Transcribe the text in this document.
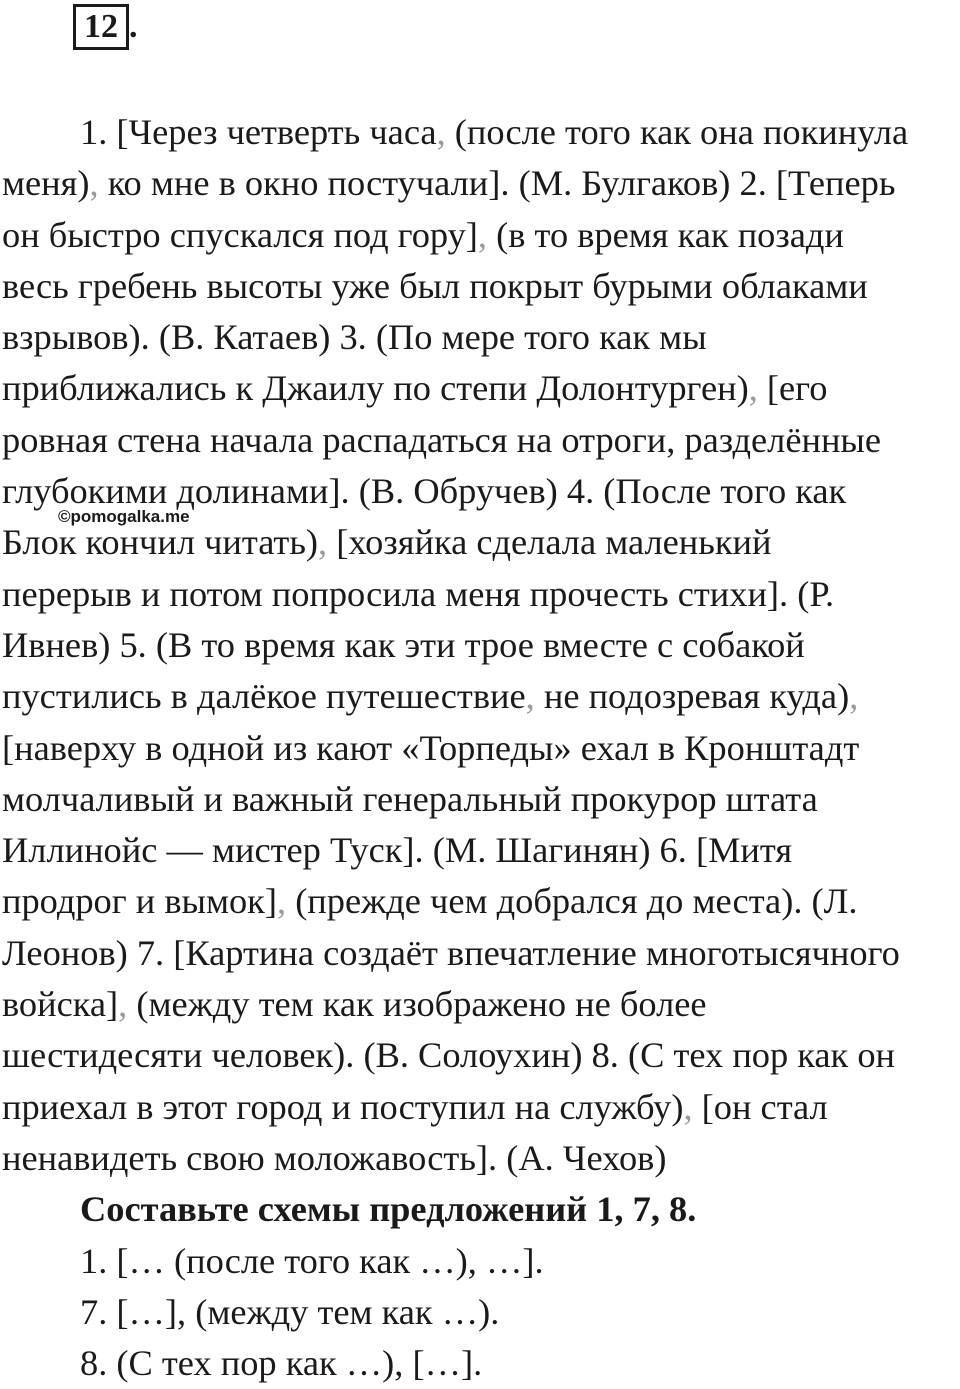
12 .
©pomogalka.me
1. [Через четверть часа, (после того как она покинула
меня), ко мне в окно постучали]. (М. Булгаков) 2. [Теперь
он быстро спускался под гору], (в то время как позади
весь гребень высоты уже был покрыт бурыми облаками
взрывов). (В. Катаев) 3. (По мере того как мы
приближались к Джаилу по степи Долонтурген), [его
ровная стена начала распадаться на отроги, разделённые
глубокими долинами]. (В. Обручев) 4. (После того как
Блок кончил читать), [хозяйка сделала маленький
перерыв и потом попросила меня прочесть стихи]. (Р.
Ивнев) 5. (В то время как эти трое вместе с собакой
пустились в далёкое путешествие, не подозревая куда),
[наверху в одной из кают «Торпеды» ехал в Кронштадт
молчаливый и важный генеральный прокурор штата
Иллинойс — мистер Туск]. (М. Шагинян) 6. [Митя
продрог и вымок], (прежде чем добрался до места). (Л.
Леонов) 7. [Картина создаёт впечатление многотысячного
войска], (между тем как изображено не более
шестидесяти человек). (В. Солоухин) 8. (С тех пор как он
приехал в этот город и поступил на службу), [он стал
ненавидеть свою моложавость]. (А. Чехов)
Составьте схемы предложений 1, 7, 8.
1. [… (после того как …), …].
7. […], (между тем как …).
8. (С тех пор как …), […].
